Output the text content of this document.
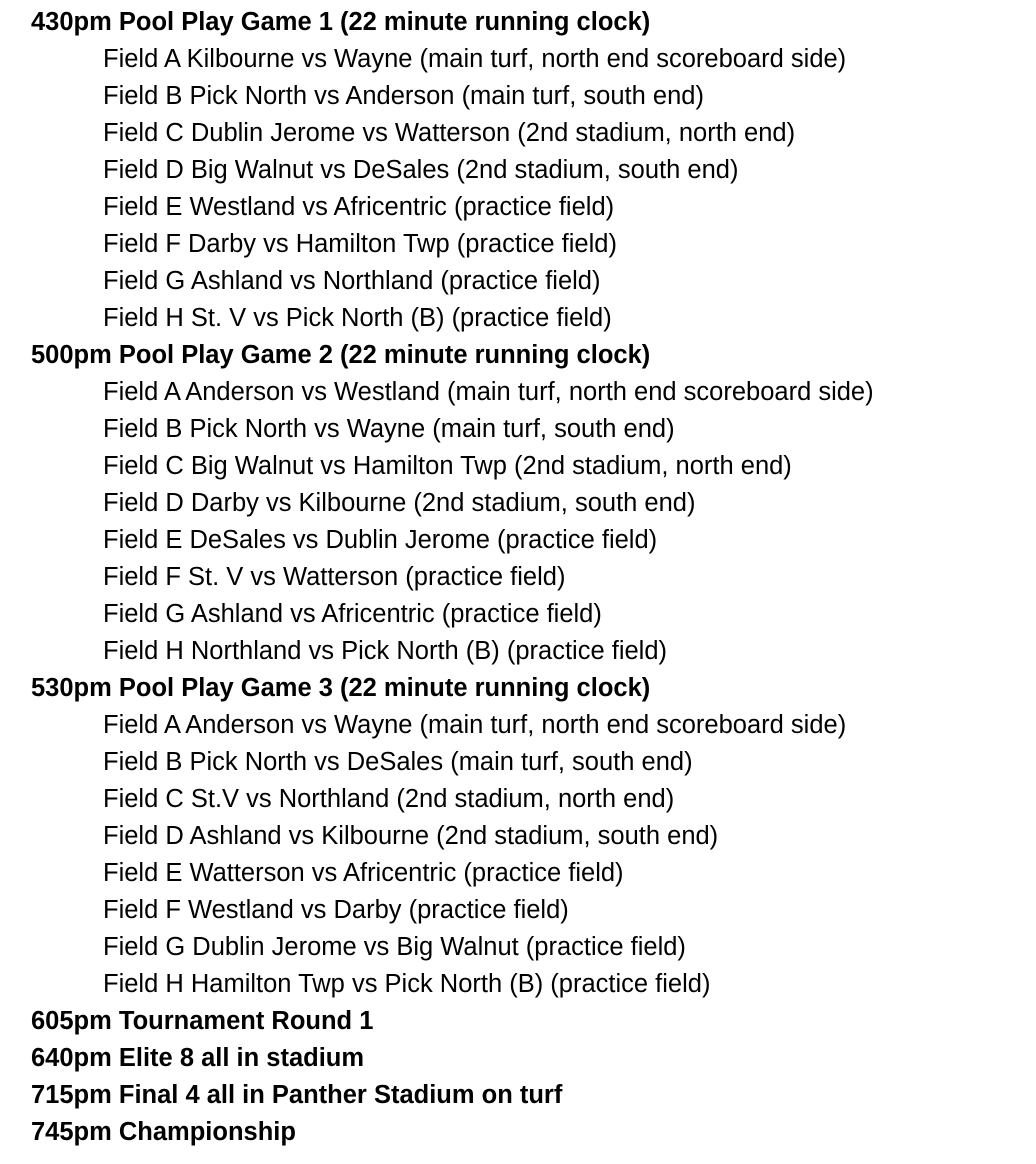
430pm Pool Play Game 1 (22 minute running clock)
Field A Kilbourne vs Wayne (main turf, north end scoreboard side)
Field B Pick North vs Anderson (main turf, south end)
Field C Dublin Jerome vs Watterson (2nd stadium, north end)
Field D Big Walnut vs DeSales (2nd stadium, south end)
Field E Westland vs Africentric (practice field)
Field F Darby vs Hamilton Twp (practice field)
Field G Ashland vs Northland (practice field)
Field H St. V vs Pick North (B) (practice field)
500pm Pool Play Game 2 (22 minute running clock)
Field A Anderson vs Westland (main turf, north end scoreboard side)
Field B Pick North vs Wayne (main turf, south end)
Field C Big Walnut vs Hamilton Twp (2nd stadium, north end)
Field D Darby vs Kilbourne (2nd stadium, south end)
Field E DeSales vs Dublin Jerome (practice field)
Field F St. V vs Watterson (practice field)
Field G Ashland vs Africentric (practice field)
Field H Northland vs Pick North (B) (practice field)
530pm Pool Play Game 3 (22 minute running clock)
Field A Anderson vs Wayne (main turf, north end scoreboard side)
Field B Pick North vs DeSales (main turf, south end)
Field C St.V vs Northland (2nd stadium, north end)
Field D Ashland vs Kilbourne (2nd stadium, south end)
Field E Watterson vs Africentric (practice field)
Field F Westland vs Darby (practice field)
Field G Dublin Jerome vs Big Walnut (practice field)
Field H Hamilton Twp vs Pick North (B) (practice field)
605pm Tournament Round 1
640pm Elite 8 all in stadium
715pm Final 4 all in Panther Stadium on turf
745pm Championship
